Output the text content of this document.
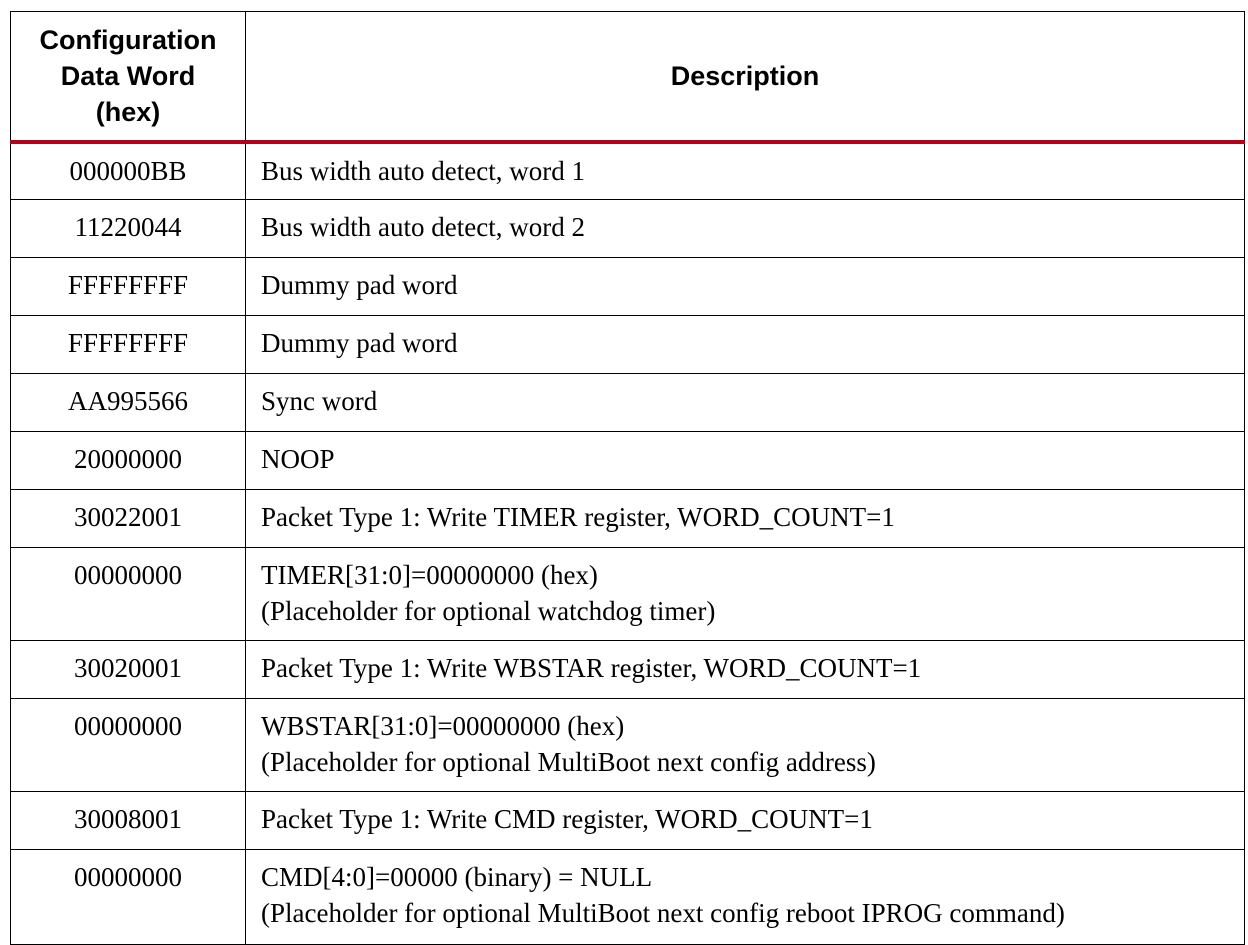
Configuration
Data Word
(hex)	Description
000000BB	Bus width auto detect, word 1

11220044	Bus width auto detect, word 2

FFFFFFFF	Dummy pad word

FFFFFFFF	Dummy pad word

AA995566	Sync word

20000000	NOOP

30022001	Packet Type 1: Write TIMER register, WORD_COUNT=1

00000000	TIMER[31:0]=00000000 (hex)
(Placeholder for optional watchdog timer)

30020001	Packet Type 1: Write WBSTAR register, WORD_COUNT=1

00000000	WBSTAR[31:0]=00000000 (hex)
(Placeholder for optional MultiBoot next config address)

30008001	Packet Type 1: Write CMD register, WORD_COUNT=1

00000000	CMD[4:0]=00000 (binary) = NULL
(Placeholder for optional MultiBoot next config reboot IPROG command)
